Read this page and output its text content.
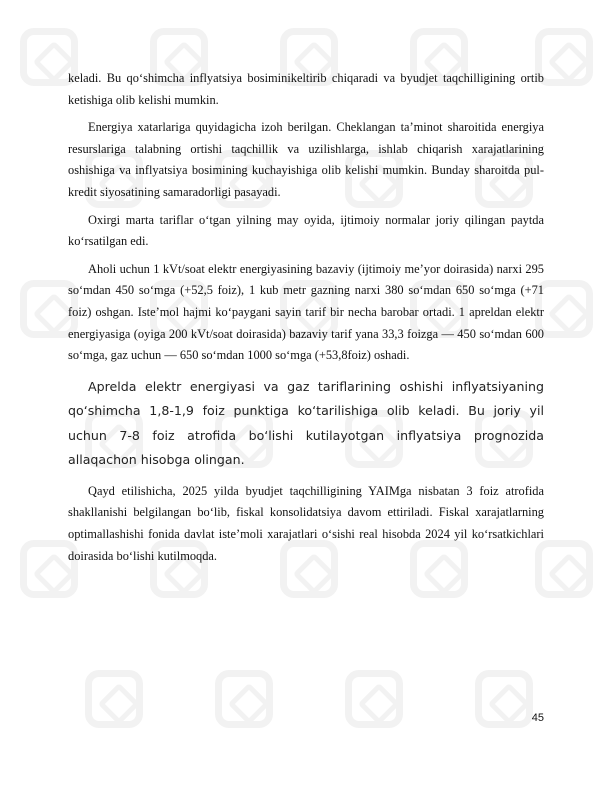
keladi. Bu qo‘shimcha inflyatsiya bosiminikeltirib chiqaradi va byudjet taqchilligining ortib ketishiga olib kelishi mumkin.

Energiya xatarlariga quyidagicha izoh berilgan. Cheklangan ta’minot sharoitida energiya resurslariga talabning ortishi taqchillik va uzilishlarga, ishlab chiqarish xarajatlarining oshishiga va inflyatsiya bosimining kuchayishiga olib kelishi mumkin. Bunday sharoitda pul-kredit siyosatining samaradorligi pasayadi.

Oxirgi marta tariflar o‘tgan yilning may oyida, ijtimoiy normalar joriy qilingan paytda ko‘rsatilgan edi.

Aholi uchun 1 kVt/soat elektr energiyasining bazaviy (ijtimoiy me’yor doirasida) narxi 295 so‘mdan 450 so‘mga (+52,5 foiz), 1 kub metr gazning narxi 380 so‘mdan 650 so‘mga (+71 foiz) oshgan. Iste’mol hajmi ko‘paygani sayin tarif bir necha barobar ortadi. 1 apreldan elektr energiyasiga (oyiga 200 kVt/soat doirasida) bazaviy tarif yana 33,3 foizga — 450 so‘mdan 600 so‘mga, gaz uchun — 650 so‘mdan 1000 so‘mga (+53,8foiz) oshadi.

Aprelda elektr energiyasi va gaz tariflarining oshishi inflyatsiyaning qo‘shimcha 1,8-1,9 foiz punktiga ko‘tarilishiga olib keladi. Bu joriy yil uchun 7-8 foiz atrofida bo‘lishi kutilayotgan inflyatsiya prognozida allaqachon hisobga olingan.

Qayd etilishicha, 2025 yilda byudjet taqchilligining YAIMga nisbatan 3 foiz atrofida shakllanishi belgilangan bo‘lib, fiskal konsolidatsiya davom ettiriladi. Fiskal xarajatlarning optimallashishi fonida davlat iste’moli xarajatlari o‘sishi real hisobda 2024 yil ko‘rsatkichlari doirasida bo‘lishi kutilmoqda.

45
